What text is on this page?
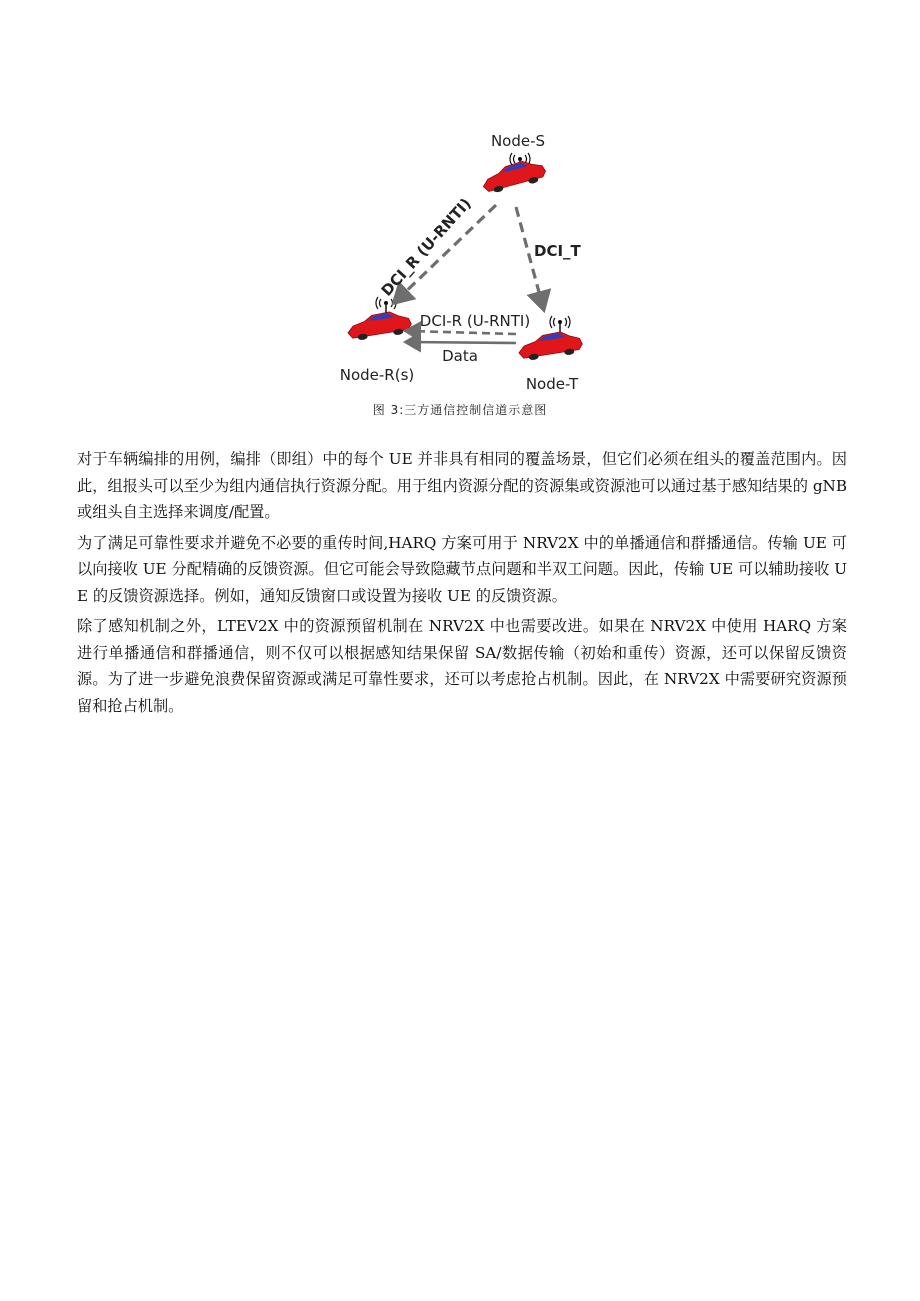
Node-S
Node-R(s)	Node-T
DCI_R (U-RNTI)	DCI_T
DCI-R (U-RNTI)
Data
图 3:三方通信控制信道示意图

对于车辆编排的用例，编排（即组）中的每个 UE 并非具有相同的覆盖场景，但它们必须在组头的覆盖范围内。因此，组报头可以至少为组内通信执行资源分配。用于组内资源分配的资源集或资源池可以通过基于感知结果的 gNB 或组头自主选择来调度/配置。

为了满足可靠性要求并避免不必要的重传时间,HARQ 方案可用于 NRV2X 中的单播通信和群播通信。传输 UE 可以向接收 UE 分配精确的反馈资源。但它可能会导致隐藏节点问题和半双工问题。因此，传输 UE 可以辅助接收 UE 的反馈资源选择。例如，通知反馈窗口或设置为接收 UE 的反馈资源。

除了感知机制之外，LTEV2X 中的资源预留机制在 NRV2X 中也需要改进。如果在 NRV2X 中使用 HARQ 方案进行单播通信和群播通信，则不仅可以根据感知结果保留 SA/数据传输（初始和重传）资源，还可以保留反馈资源。为了进一步避免浪费保留资源或满足可靠性要求，还可以考虑抢占机制。因此，在 NRV2X 中需要研究资源预留和抢占机制。
